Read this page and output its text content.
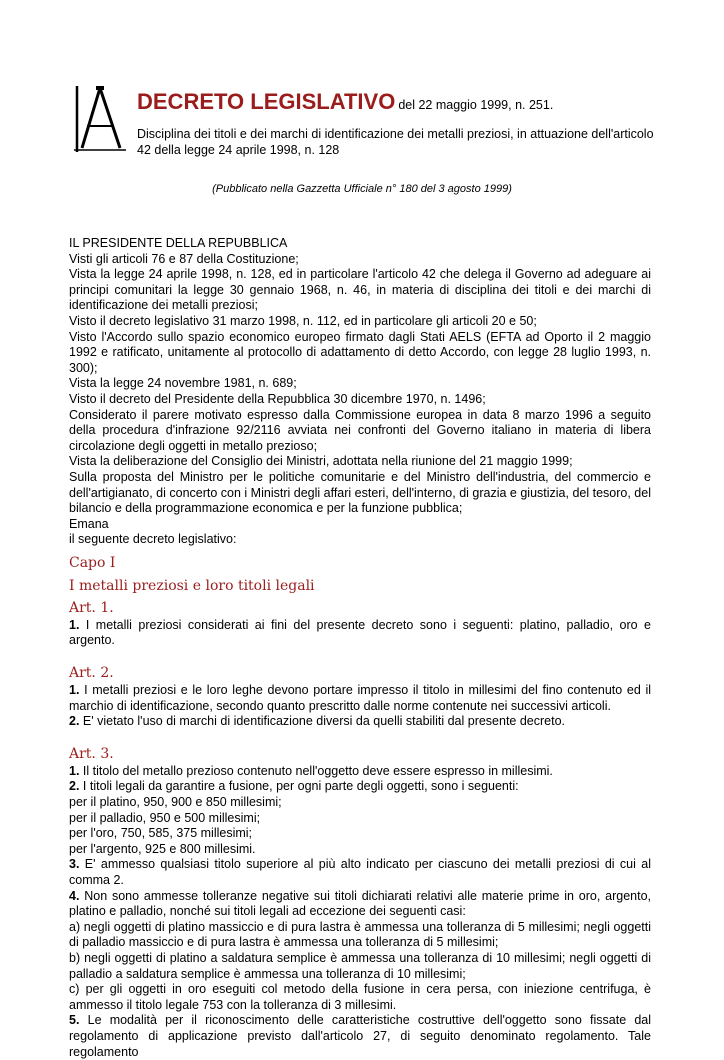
DECRETO LEGISLATIVO del 22 maggio 1999, n. 251.
Disciplina dei titoli e dei marchi di identificazione dei metalli preziosi, in attuazione dell'articolo 42 della legge 24 aprile 1998, n. 128
(Pubblicato nella Gazzetta Ufficiale n° 180 del 3 agosto 1999)

IL PRESIDENTE DELLA REPUBBLICA

Visti gli articoli 76 e 87 della Costituzione;

Vista la legge 24 aprile 1998, n. 128, ed in particolare l'articolo 42 che delega il Governo ad adeguare ai principi comunitari la legge 30 gennaio 1968, n. 46, in materia di disciplina dei titoli e dei marchi di identificazione dei metalli preziosi;

Visto il decreto legislativo 31 marzo 1998, n. 112, ed in particolare gli articoli 20 e 50;

Visto l'Accordo sullo spazio economico europeo firmato dagli Stati AELS (EFTA ad Oporto il 2 maggio 1992 e ratificato, unitamente al protocollo di adattamento di detto Accordo, con legge 28 luglio 1993, n. 300);

Vista la legge 24 novembre 1981, n. 689;

Visto il decreto del Presidente della Repubblica 30 dicembre 1970, n. 1496;

Considerato il parere motivato espresso dalla Commissione europea in data 8 marzo 1996 a seguito della procedura d'infrazione 92/2116 avviata nei confronti del Governo italiano in materia di libera circolazione degli oggetti in metallo prezioso;

Vista la deliberazione del Consiglio dei Ministri, adottata nella riunione del 21 maggio 1999;

Sulla proposta del Ministro per le politiche comunitarie e del Ministro dell'industria, del commercio e dell'artigianato, di concerto con i Ministri degli affari esteri, dell'interno, di grazia e giustizia, del tesoro, del bilancio e della programmazione economica e per la funzione pubblica;

Emana

il seguente decreto legislativo:

Capo I

I metalli preziosi e loro titoli legali

Art. 1.

1. I metalli preziosi considerati ai fini del presente decreto sono i seguenti: platino, palladio, oro e argento.

Art. 2.

1. I metalli preziosi e le loro leghe devono portare impresso il titolo in millesimi del fino contenuto ed il marchio di identificazione, secondo quanto prescritto dalle norme contenute nei successivi articoli.

2. E' vietato l'uso di marchi di identificazione diversi da quelli stabiliti dal presente decreto.

Art. 3.

1. Il titolo del metallo prezioso contenuto nell'oggetto deve essere espresso in millesimi.

2. I titoli legali da garantire a fusione, per ogni parte degli oggetti, sono i seguenti:

per il platino, 950, 900 e 850 millesimi;

per il palladio, 950 e 500 millesimi;

per l'oro, 750, 585, 375 millesimi;

per l'argento, 925 e 800 millesimi.

3. E' ammesso qualsiasi titolo superiore al più alto indicato per ciascuno dei metalli preziosi di cui al comma 2.

4. Non sono ammesse tolleranze negative sui titoli dichiarati relativi alle materie prime in oro, argento, platino e palladio, nonché sui titoli legali ad eccezione dei seguenti casi:

a) negli oggetti di platino massiccio e di pura lastra è ammessa una tolleranza di 5 millesimi; negli oggetti di palladio massiccio e di pura lastra è ammessa una tolleranza di 5 millesimi;

b) negli oggetti di platino a saldatura semplice è ammessa una tolleranza di 10 millesimi; negli oggetti di palladio a saldatura semplice è ammessa una tolleranza di 10 millesimi;

c) per gli oggetti in oro eseguiti col metodo della fusione in cera persa, con iniezione centrifuga, è ammesso il titolo legale 753 con la tolleranza di 3 millesimi.

5. Le modalità per il riconoscimento delle caratteristiche costruttive dell'oggetto sono fissate dal regolamento di applicazione previsto dall'articolo 27, di seguito denominato regolamento. Tale regolamento
